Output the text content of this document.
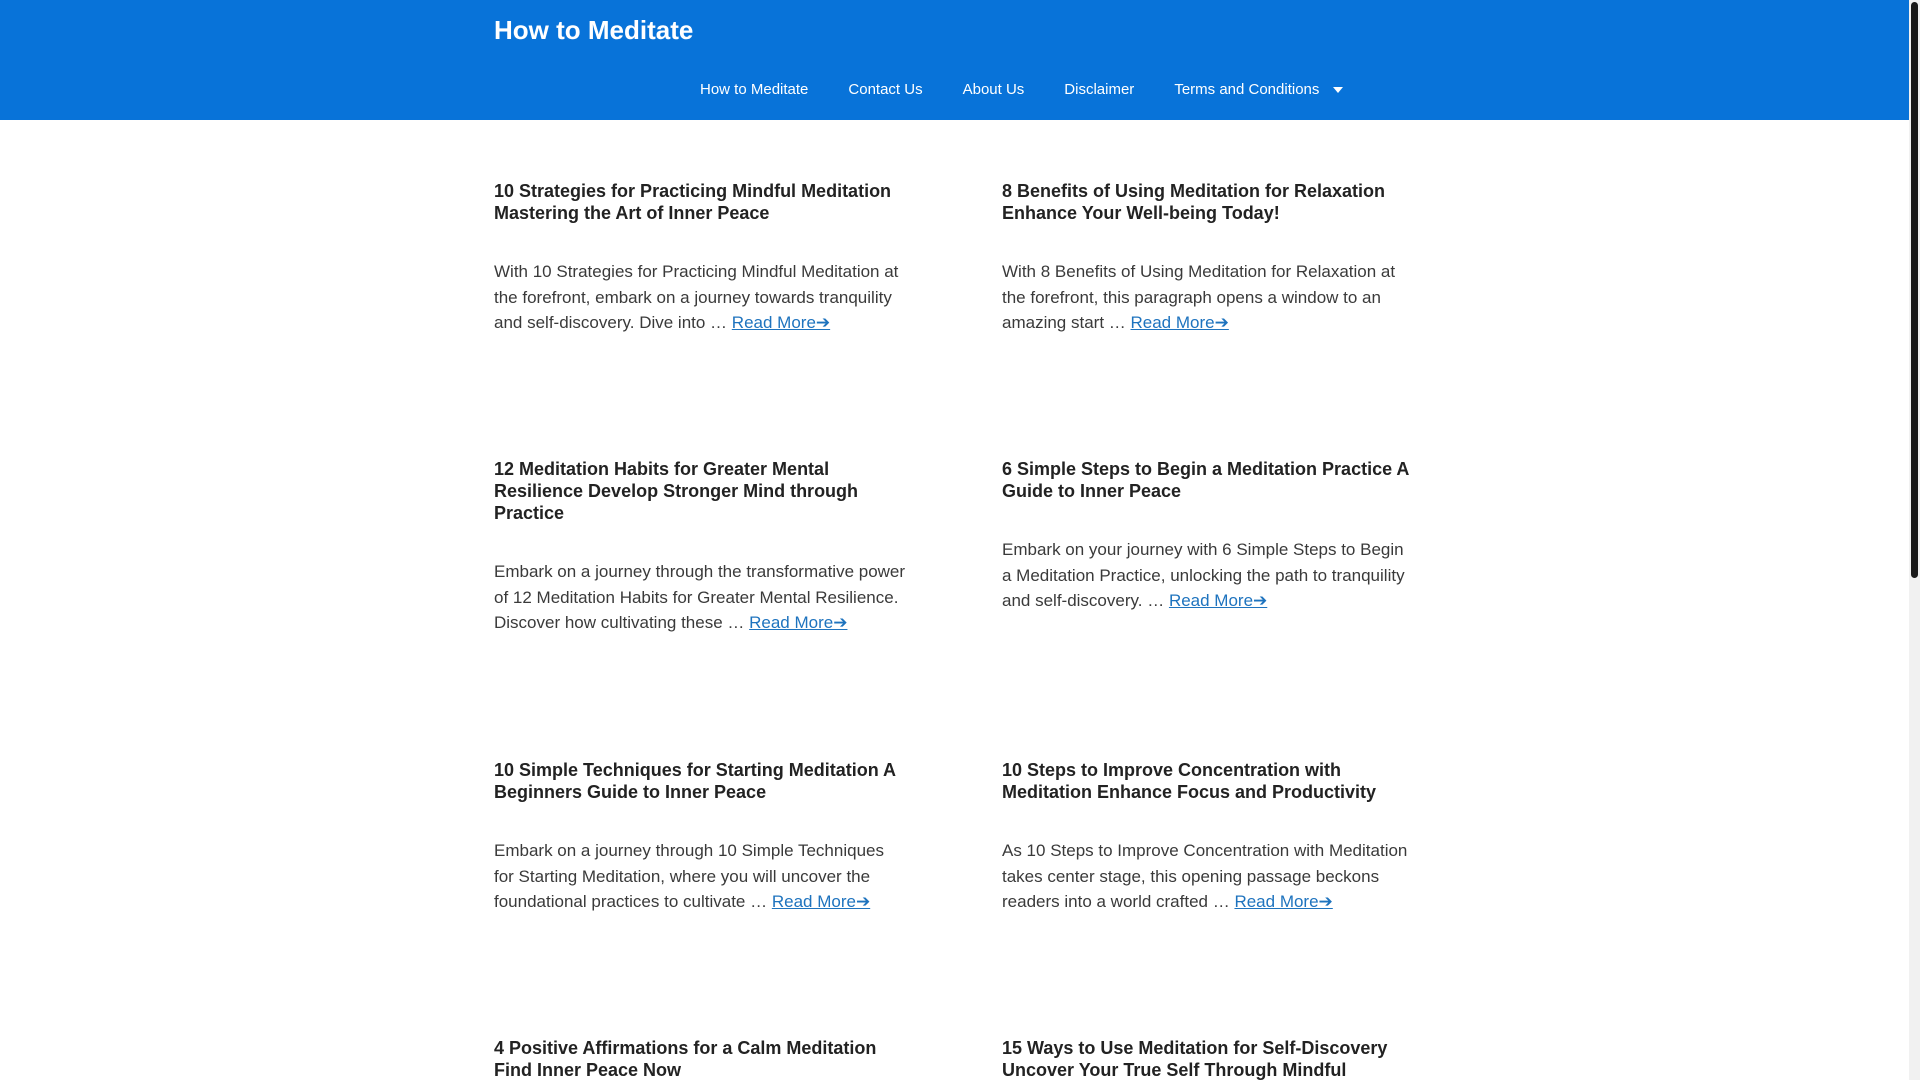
How to Meditate
How to Meditate	Contact Us	About Us	Disclaimer	Terms and Conditions
10 Strategies for Practicing Mindful Meditation Mastering the Art of Inner Peace

With 10 Strategies for Practicing Mindful Meditation at the forefront, embark on a journey towards tranquility and self-discovery. Dive into … Read More➔

8 Benefits of Using Meditation for Relaxation Enhance Your Well-being Today!

With 8 Benefits of Using Meditation for Relaxation at the forefront, this paragraph opens a window to an amazing start … Read More➔

12 Meditation Habits for Greater Mental Resilience Develop Stronger Mind through Practice

Embark on a journey through the transformative power of 12 Meditation Habits for Greater Mental Resilience. Discover how cultivating these … Read More➔

6 Simple Steps to Begin a Meditation Practice A Guide to Inner Peace

Embark on your journey with 6 Simple Steps to Begin a Meditation Practice, unlocking the path to tranquility and self-discovery. … Read More➔

10 Simple Techniques for Starting Meditation A Beginners Guide to Inner Peace

Embark on a journey through 10 Simple Techniques for Starting Meditation, where you will uncover the foundational practices to cultivate … Read More➔

10 Steps to Improve Concentration with Meditation Enhance Focus and Productivity

As 10 Steps to Improve Concentration with Meditation takes center stage, this opening passage beckons readers into a world crafted … Read More➔

4 Positive Affirmations for a Calm Meditation Find Inner Peace Now
15 Ways to Use Meditation for Self-Discovery Uncover Your True Self Through Mindful
